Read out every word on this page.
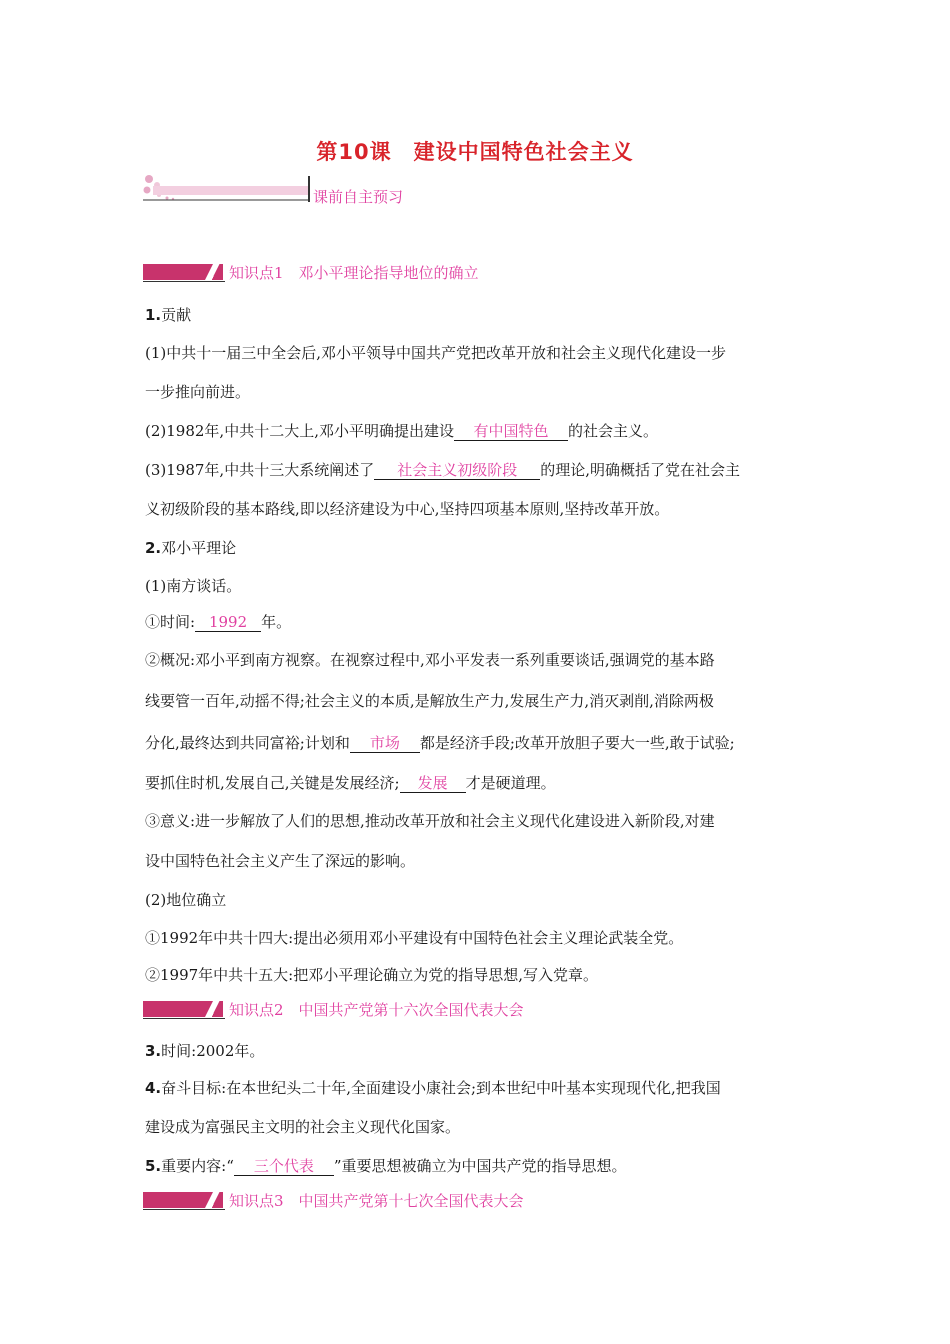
第10课　建设中国特色社会主义
课前自主预习
知识点1　邓小平理论指导地位的确立
1.贡献
(1)中共十一届三中全会后,邓小平领导中国共产党把改革开放和社会主义现代化建设一步
一步推向前进。
(2)1982年,中共十二大上,邓小平明确提出建设 有中国特色 的社会主义。
(3)1987年,中共十三大系统阐述了 社会主义初级阶段 的理论,明确概括了党在社会主
义初级阶段的基本路线,即以经济建设为中心,坚持四项基本原则,坚持改革开放。
2.邓小平理论
(1)南方谈话。
①时间: 1992 年。
②概况:邓小平到南方视察。在视察过程中,邓小平发表一系列重要谈话,强调党的基本路
线要管一百年,动摇不得;社会主义的本质,是解放生产力,发展生产力,消灭剥削,消除两极
分化,最终达到共同富裕;计划和 市场 都是经济手段;改革开放胆子要大一些,敢于试验;
要抓住时机,发展自己,关键是发展经济; 发展 才是硬道理。
③意义:进一步解放了人们的思想,推动改革开放和社会主义现代化建设进入新阶段,对建
设中国特色社会主义产生了深远的影响。
(2)地位确立
①1992年中共十四大:提出必须用邓小平建设有中国特色社会主义理论武装全党。
②1997年中共十五大:把邓小平理论确立为党的指导思想,写入党章。
知识点2　中国共产党第十六次全国代表大会
3.时间:2002年。
4.奋斗目标:在本世纪头二十年,全面建设小康社会;到本世纪中叶基本实现现代化,把我国
建设成为富强民主文明的社会主义现代化国家。
5.重要内容:“ 三个代表 ”重要思想被确立为中国共产党的指导思想。
知识点3　中国共产党第十七次全国代表大会
